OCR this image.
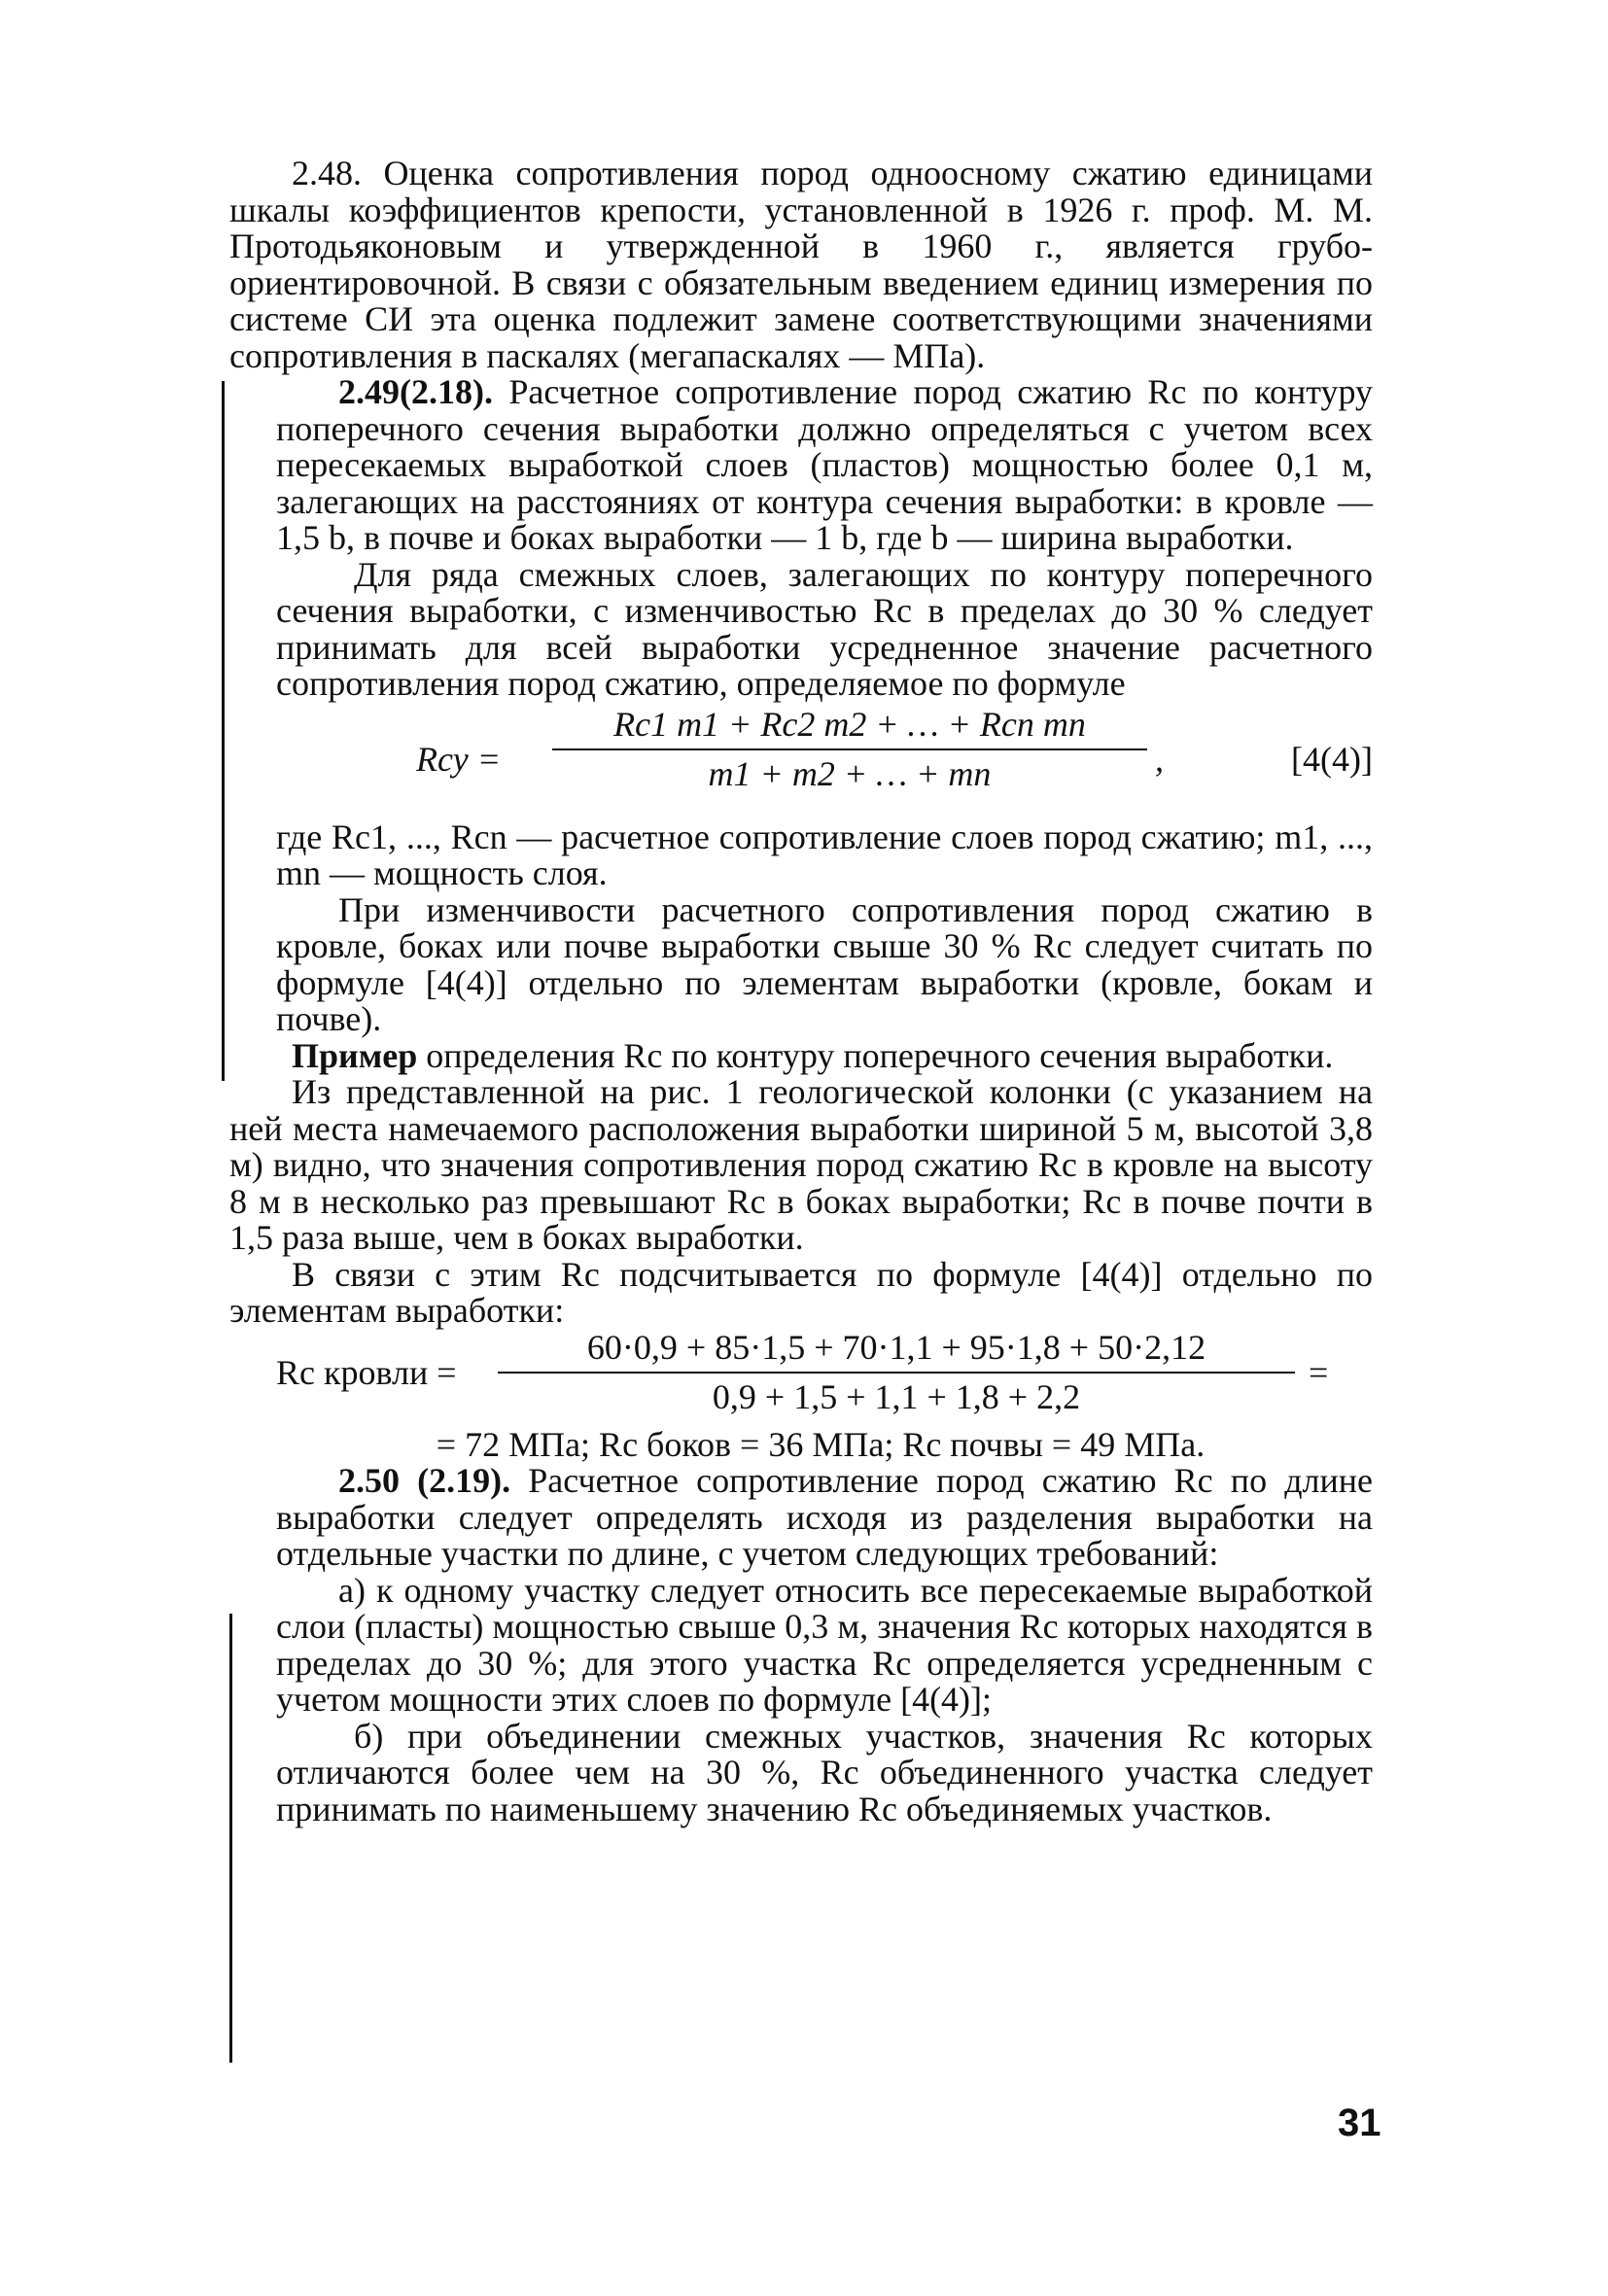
2.48. Оценка сопротивления пород одноосному сжатию единицами шкалы коэффициентов крепости, установленной в 1926 г. проф. М. М. Протодьяконовым и утвержденной в 1960 г., является грубо-ориентировочной. В связи с обязательным введением единиц измерения по системе СИ эта оценка подлежит замене соответствующими значениями сопротивления в паскалях (мегапаскалях — МПа).

2.49(2.18). Расчетное сопротивление пород сжатию Rс по контуру поперечного сечения выработки должно определяться с учетом всех пересекаемых выработкой слоев (пластов) мощностью более 0,1 м, залегающих на расстояниях от контура сечения выработки: в кровле — 1,5 b, в почве и боках выработки — 1 b, где b — ширина выработки.

Для ряда смежных слоев, залегающих по контуру поперечного сечения выработки, с изменчивостью Rс в пределах до 30 % следует принимать для всей выработки усредненное значение расчетного сопротивления пород сжатию, определяемое по формуле

Rсу =
Rс1 m1 + Rс2 m2 + … + Rсn mn
m1 + m2 + … + mn	,	[4(4)]

где Rс1, ..., Rсn — расчетное сопротивление слоев пород сжатию; m1, ..., mn — мощность слоя.

При изменчивости расчетного сопротивления пород сжатию в кровле, боках или почве выработки свыше 30 % Rс следует считать по формуле [4(4)] отдельно по элементам выработки (кровле, бокам и почве).

Пример определения Rс по контуру поперечного сечения выработки.

Из представленной на рис. 1 геологической колонки (с указанием на ней места намечаемого расположения выработки шириной 5 м, высотой 3,8 м) видно, что значения сопротивления пород сжатию Rс в кровле на высоту 8 м в несколько раз превышают Rс в боках выработки; Rс в почве почти в 1,5 раза выше, чем в боках выработки.

В связи с этим Rс подсчитывается по формуле [4(4)] отдельно по элементам выработки:

Rс кровли =
60·0,9 + 85·1,5 + 70·1,1 + 95·1,8 + 50·2,12
0,9 + 1,5 + 1,1 + 1,8 + 2,2
=

= 72 МПа; Rс боков = 36 МПа; Rс почвы = 49 МПа.

2.50 (2.19). Расчетное сопротивление пород сжатию Rс по длине выработки следует определять исходя из разделения выработки на отдельные участки по длине, с учетом следующих требований:

а) к одному участку следует относить все пересекаемые выработкой слои (пласты) мощностью свыше 0,3 м, значения Rс которых находятся в пределах до 30 %; для этого участка Rс определяется усредненным с учетом мощности этих слоев по формуле [4(4)];

б) при объединении смежных участков, значения Rс которых отличаются более чем на 30 %, Rс объединенного участка следует принимать по наименьшему значению Rс объединяемых участков.

31
